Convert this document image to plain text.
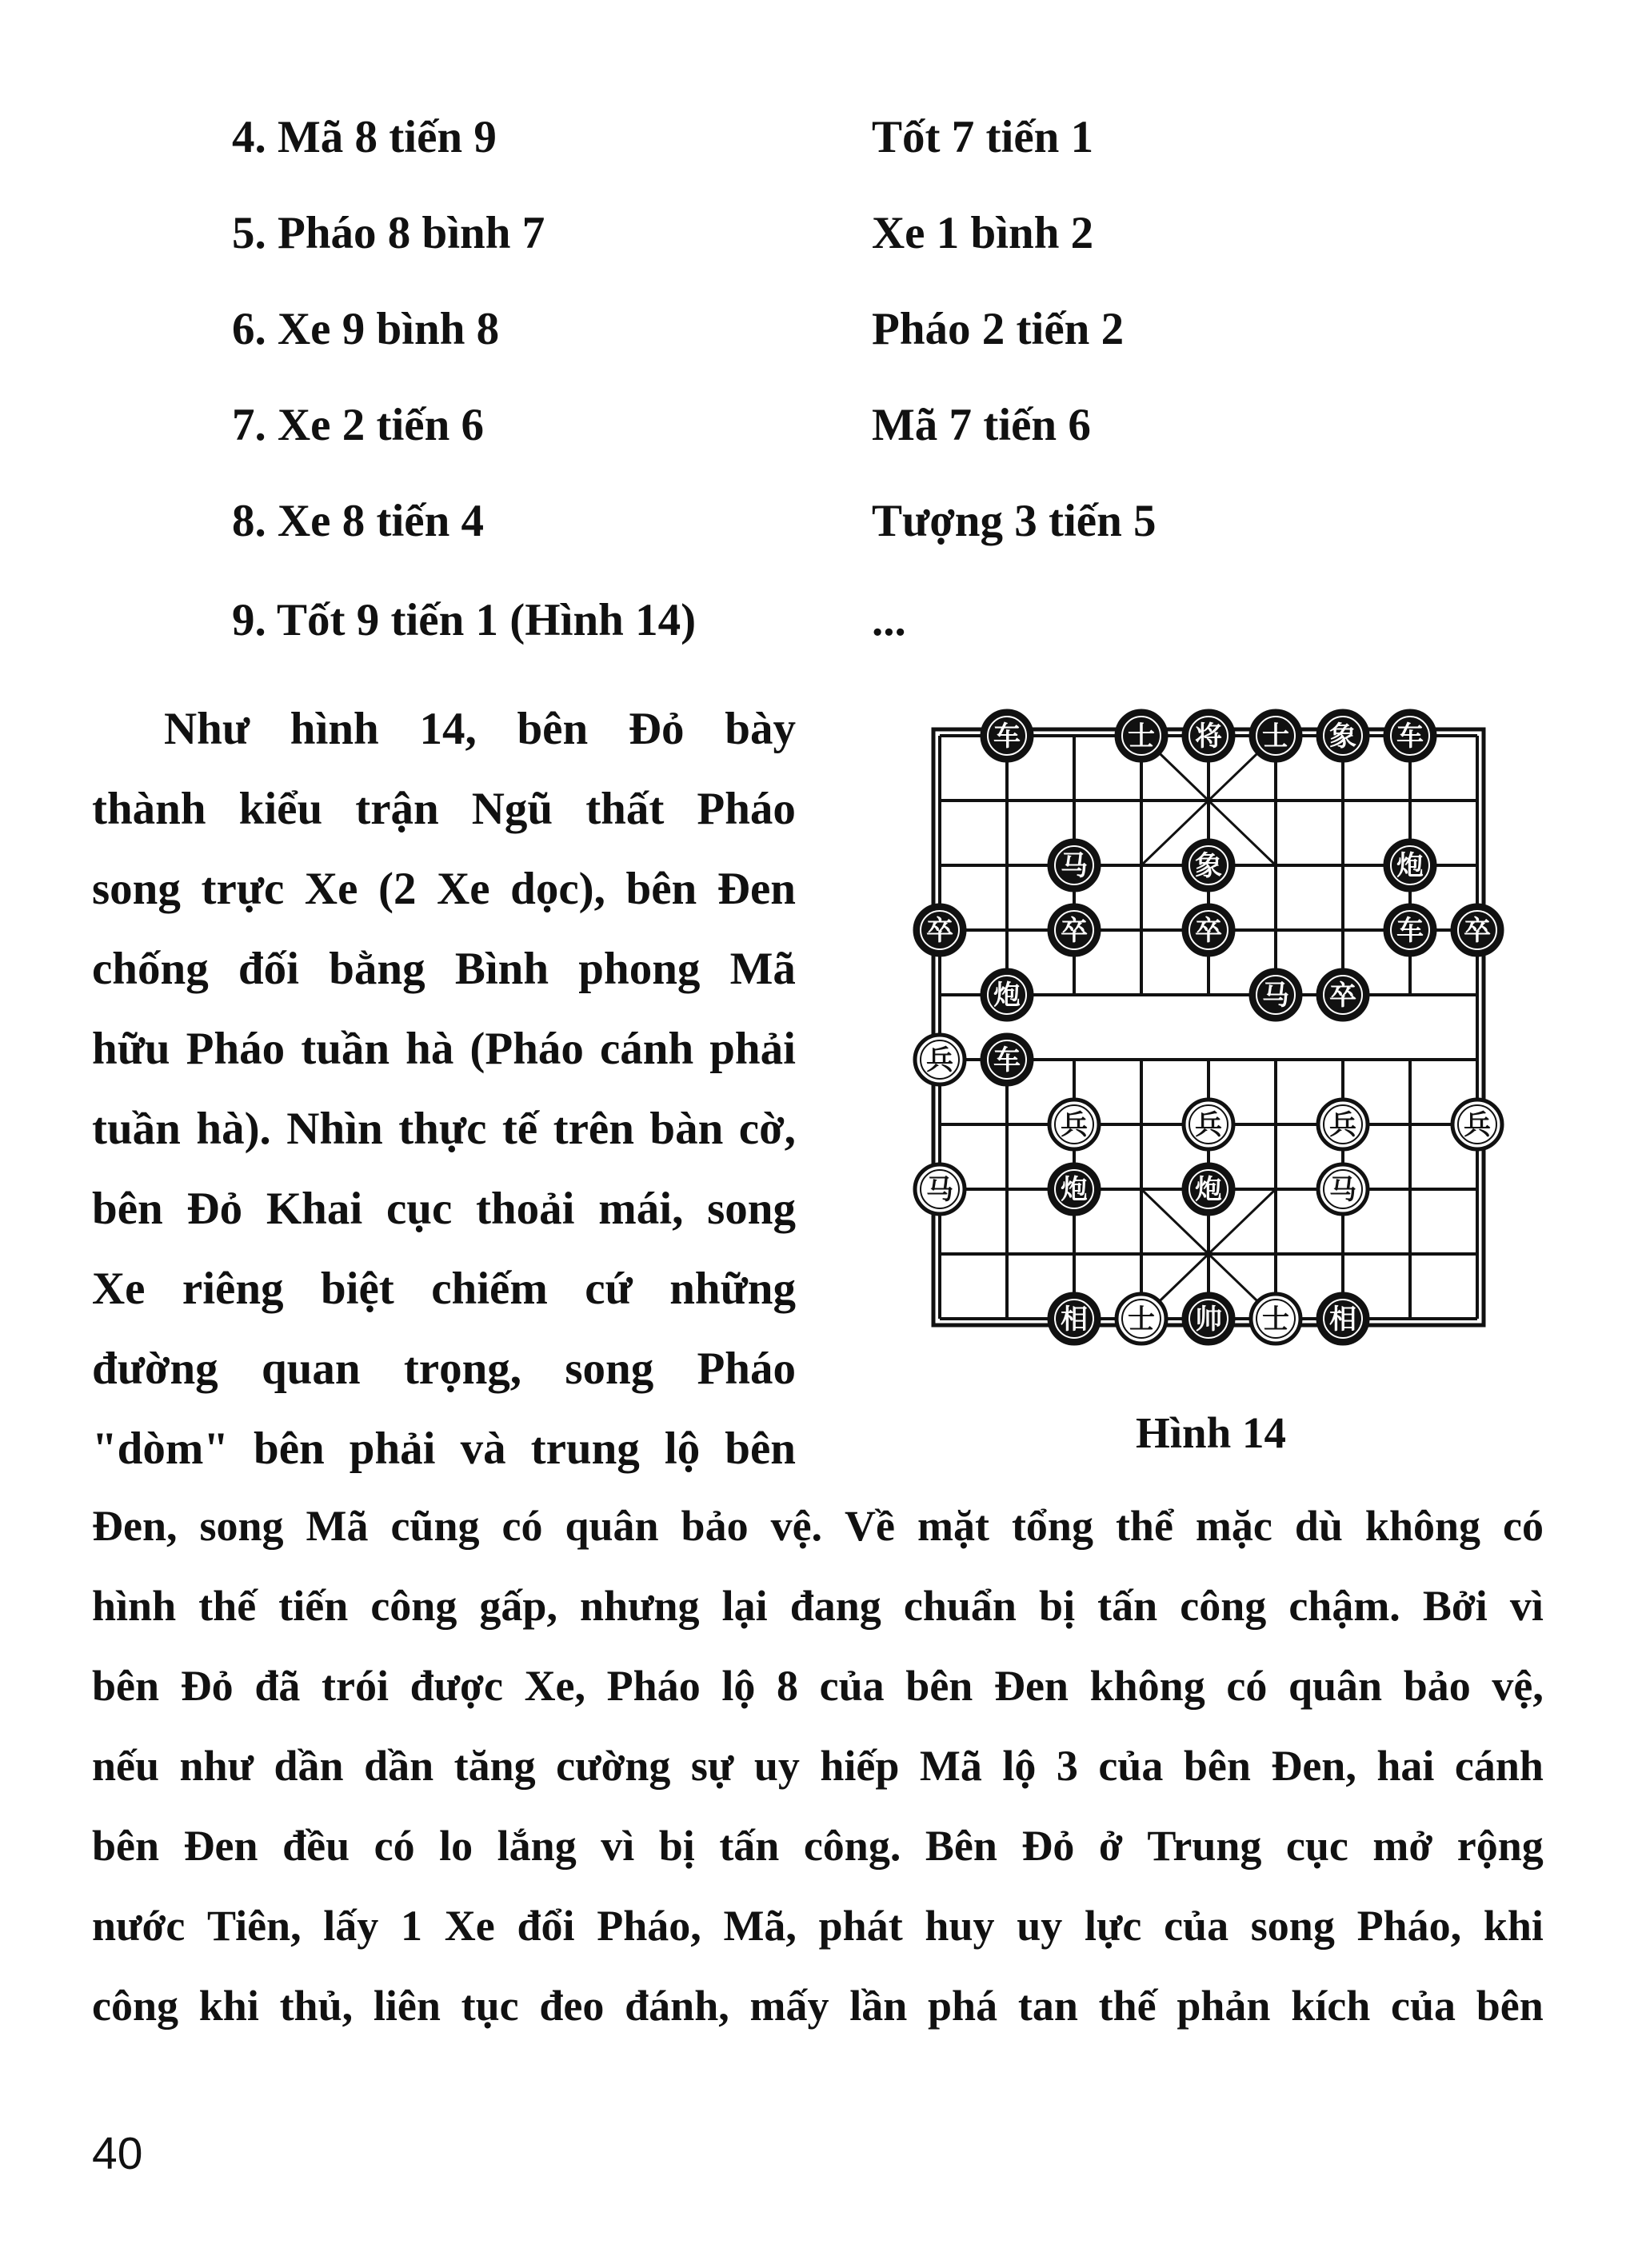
4. Mã 8 tiến 9	Tốt 7 tiến 1
5. Pháo 8 bình 7	Xe 1 bình 2
6. Xe 9 bình 8	Pháo 2 tiến 2
7. Xe 2 tiến 6	Mã 7 tiến 6
8. Xe 8 tiến 4	Tượng 3 tiến 5
9. Tốt 9 tiến 1 (Hình 14)	...
Như hình 14, bên Đỏ bày
thành kiểu trận Ngũ thất Pháo
song trực Xe (2 Xe dọc), bên Đen
chống đối bằng Bình phong Mã
hữu Pháo tuần hà (Pháo cánh phải
tuần hà). Nhìn thực tế trên bàn cờ,
bên Đỏ Khai cục thoải mái, song
Xe riêng biệt chiếm cứ những
đường quan trọng, song Pháo
"dòm" bên phải và trung lộ bên
车	士 将 士 象 车
马	象	炮
卒	卒	卒	车 卒
炮	马 卒
兵 车
兵	兵	兵	兵
马	炮	炮	马
相 士 帅 士 相
Hình 14
Đen, song Mã cũng có quân bảo vệ. Về mặt tổng thể mặc dù không có
hình thế tiến công gấp, nhưng lại đang chuẩn bị tấn công chậm. Bởi vì
bên Đỏ đã trói được Xe, Pháo lộ 8 của bên Đen không có quân bảo vệ,
nếu như dần dần tăng cường sự uy hiếp Mã lộ 3 của bên Đen, hai cánh
bên Đen đều có lo lắng vì bị tấn công. Bên Đỏ ở Trung cục mở rộng
nước Tiên, lấy 1 Xe đổi Pháo, Mã, phát huy uy lực của song Pháo, khi
công khi thủ, liên tục đeo đánh, mấy lần phá tan thế phản kích của bên
40
